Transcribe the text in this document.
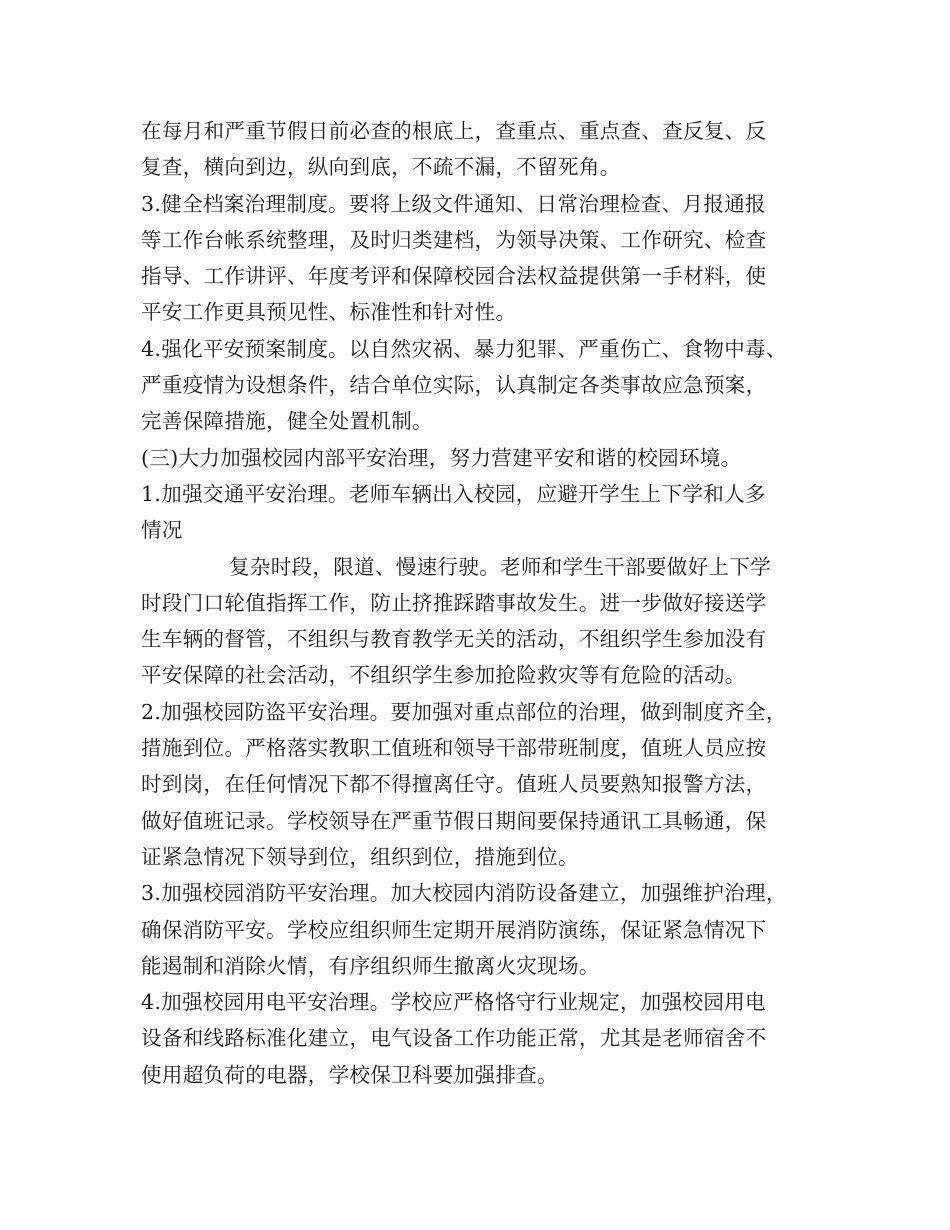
在每月和严重节假日前必查的根底上，查重点、重点查、查反复、反
复查，横向到边，纵向到底，不疏不漏，不留死角。
3.健全档案治理制度。要将上级文件通知、日常治理检查、月报通报
等工作台帐系统整理，及时归类建档，为领导决策、工作研究、检查
指导、工作讲评、年度考评和保障校园合法权益提供第一手材料，使
平安工作更具预见性、标准性和针对性。
4.强化平安预案制度。以自然灾祸、暴力犯罪、严重伤亡、食物中毒、
严重疫情为设想条件，结合单位实际，认真制定各类事故应急预案，
完善保障措施，健全处置机制。
(三)大力加强校园内部平安治理，努力营建平安和谐的校园环境。
1.加强交通平安治理。老师车辆出入校园，应避开学生上下学和人多
情况
复杂时段，限道、慢速行驶。老师和学生干部要做好上下学
时段门口轮值指挥工作，防止挤推踩踏事故发生。进一步做好接送学
生车辆的督管，不组织与教育教学无关的活动，不组织学生参加没有
平安保障的社会活动，不组织学生参加抢险救灾等有危险的活动。
2.加强校园防盗平安治理。要加强对重点部位的治理，做到制度齐全，
措施到位。严格落实教职工值班和领导干部带班制度，值班人员应按
时到岗，在任何情况下都不得擅离任守。值班人员要熟知报警方法，
做好值班记录。学校领导在严重节假日期间要保持通讯工具畅通，保
证紧急情况下领导到位，组织到位，措施到位。
3.加强校园消防平安治理。加大校园内消防设备建立，加强维护治理，
确保消防平安。学校应组织师生定期开展消防演练，保证紧急情况下
能遏制和消除火情，有序组织师生撤离火灾现场。
4.加强校园用电平安治理。学校应严格恪守行业规定，加强校园用电
设备和线路标准化建立，电气设备工作功能正常，尤其是老师宿舍不
使用超负荷的电器，学校保卫科要加强排查。
